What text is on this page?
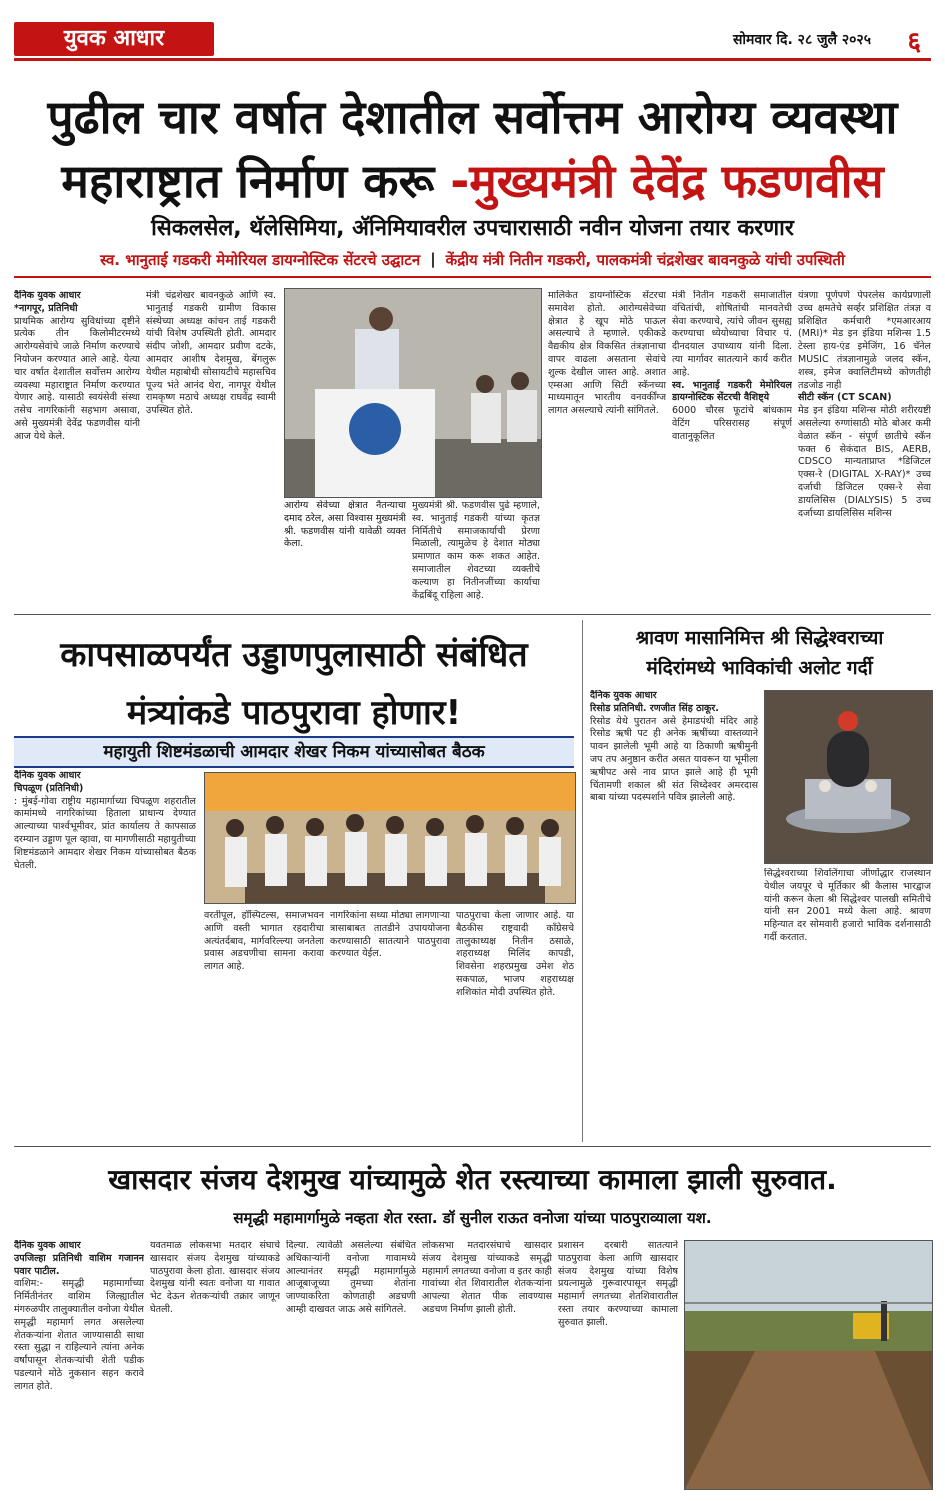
युवक आधार	सोमवार दि. २८ जुलै २०२५ ६
पुढील चार वर्षात देशातील सर्वोत्तम आरोग्य व्यवस्था
महाराष्ट्रात निर्माण करू -मुख्यमंत्री देवेंद्र फडणवीस
सिकलसेल, थॅलेसिमिया, ॲनिमियावरील उपचारासाठी नवीन योजना तयार करणार
स्व. भानुताई गडकरी मेमोरियल डायग्नोस्टिक सेंटरचे उद्घाटन | केंद्रीय मंत्री नितीन गडकरी, पालकमंत्री चंद्रशेखर बावनकुळे यांची उपस्थिती

दैनिक युवक आधार

*नागपूर, प्रतिनिधी

प्राथमिक आरोग्य सुविधांच्या दृष्टीने प्रत्येक तीन किलोमीटरमध्ये आरोग्यसेवांचे जाळे निर्माण करण्याचे नियोजन करण्यात आले आहे. येत्या चार वर्षात देशातील सर्वोत्तम आरोग्य व्यवस्था महाराष्ट्रात निर्माण करण्यात येणार आहे. यासाठी स्वयंसेवी संस्था तसेच नागरिकांनी सहभाग असावा, असे मुख्यमंत्री देवेंद्र फडणवीस यांनी आज येथे केले.

मंत्री चंद्रशेखर बावनकुळे आणि स्व. भानुताई गडकरी ग्रामीण विकास संस्थेच्या अध्यक्ष कांचन ताई गडकरी यांची विशेष उपस्थिती होती. आमदार संदीप जोशी, आमदार प्रवीण दटके, आमदार आशीष देशमुख, बेंगलुरू येथील महाबोधी सोसायटीचे महासचिव पूज्य भंते आनंद थेरा, नागपूर येथील रामकृष्ण मठाचे अध्यक्ष राघवेंद्र स्वामी उपस्थित होते.

आरोग्य सेवेच्या क्षेत्रात नैतन्याचा दमाद ठरेल, असा विश्वास मुख्यमंत्री श्री. फडणवीस यांनी यावेळी व्यक्त केला.

मुख्यमंत्री श्री. फडणवीस पुढे म्हणाले, स्व. भानुताई गडकरी यांच्या कृतज्ञ निर्मितीचे समाजकार्याची प्रेरणा मिळाली, त्यामुळेच हे देशात मोठ्या प्रमाणात काम करू शकत आहेत. समाजातील शेवटच्या व्यक्तीचे कल्याण हा नितीनजींच्या कार्याचा केंद्रबिंदू राहिला आहे.

मालिकेत डायग्नोस्टिक सेंटरचा समावेश होतो. आरोग्यसेवेच्या क्षेत्रात हे खूप मोठे पाऊल असल्याचे ते म्हणाले. एकीकडे वैद्यकीय क्षेत्र विकसित तंत्रज्ञानाचा वापर वाढला असताना सेवांचे शुल्क देखील जास्त आहे. अशात एम्सआ आणि सिटी स्कॅनच्या माध्यमातून भारतीय वनवर्कींग्ज लागत असल्याचे त्यांनी सांगितले.

मंत्री नितीन गडकरी समाजातील वंचितांची, शोषितांची मानवतेची सेवा करण्याचे, त्यांचे जीवन सुसह्य करण्याचा ध्येयोध्याचा विचार पं. दीनदयाल उपाध्याय यांनी दिला. त्या मार्गावर सातत्याने कार्य करीत आहे.

स्व. भानुताई गडकरी मेमोरियल डायग्नोस्टिक सेंटरची वैशिष्ट्ये

6000 चौरस फूटांचे बांधकाम वेटिंग परिसरासह संपूर्ण वातानुकूलित

यंत्रणा पूर्णपणे पेपरलेस कार्यप्रणाली उच्च क्षमतेचे सर्व्हर प्रशिक्षित तंत्रज्ञ व प्रशिक्षित कर्मचारी *एमआरआय (MRI)* मेड इन इंडिया मशिन्स 1.5 टेस्ला हाय-एंड इमेजिंग, 16 चॅनेल MUSIC तंत्रज्ञानामुळे जलद स्कॅन, शस्त्र, इमेज क्वालिटीमध्ये कोणतीही तडजोड नाही

सीटी स्कॅन (CT SCAN)

मेड इन इंडिया मशिन्स मोठी शरीरयष्टी असलेल्या रुग्णांसाठी मोठे बोअर कमी वेळात स्कॅन - संपूर्ण छातीचे स्कॅन फक्त 6 सेकंदात BIS, AERB, CDSCO मान्यताप्राप्त *डिजिटल एक्स-रे (DIGITAL X-RAY)* उच्च दर्जाची डिजिटल एक्स-रे सेवा डायलिसिस (DIALYSIS) 5 उच्च दर्जाच्या डायलिसिस मशिन्स

कापसाळपर्यंत उड्डाणपुलासाठी संबंधित
मंत्र्यांकडे पाठपुरावा होणार!
महायुती शिष्टमंडळाची आमदार शेखर निकम यांच्यासोबत बैठक

दैनिक युवक आधार

चिपळूण (प्रतिनिधी)

: मुंबई-गोवा राष्ट्रीय महामार्गाच्या चिपळूण शहरातील कामांमध्ये नागरिकांच्या हिताला प्राधान्य देण्यात आल्याच्या पार्श्वभूमीवर, प्रांत कार्यालय ते कापसाळ दरम्यान उड्डाण पूल व्हावा, या मागणीसाठी महायुतीच्या शिष्टमंडळाने आमदार शेखर निकम यांच्यासोबत बैठक घेतली.

वरतीपूल, हॉस्पिटल्स, समाजभवन आणि वस्ती भागात रहदारीचा अत्यंतर्दबाव, मार्गवरिल्ल्या जनतेला प्रवास अडचणीचा सामना करावा लागत आहे.

नागरिकांना सध्या मोठ्या लागणाऱ्या त्रासाबाबत तातडीने उपाययोजना करण्यासाठी सातत्याने पाठपुरावा करण्यात येईल.

पाठपुराचा केला जाणार आहे. या बैठकीस राष्ट्रवादी काँग्रेसचे तालुकाध्यक्ष नितीन ठसाळे, शहराध्यक्ष मिलिंद कापडी, शिवसेना शहरप्रमुख उमेश शेठ सकपाळ, भाजप शहराध्यक्ष शशिकांत मोदी उपस्थित होते.

श्रावण मासानिमित्त श्री सिद्धेश्वराच्या
मंदिरांमध्ये भाविकांची अलोट गर्दी

दैनिक युवक आधार

रिसोड प्रतिनिधी. रणजीत सिंह ठाकूर.

रिसोड येथे पुरातन असे हेमाडपंथी मंदिर आहे रिसोड ऋषी पट ही अनेक ऋषींच्या वास्तव्याने पावन झालेली भूमी आहे या ठिकाणी ऋषीमुनी जप तप अनुष्ठान करीत असत यावरून या भूमीला ऋषीपट असे नाव प्राप्त झाले आहे ही भूमी चिंतामणी शकाल श्री संत सिध्देश्वर अमरदास बाबा यांच्या पदस्पर्शाने पवित्र झालेली आहे.

सिद्धेश्वराच्या शिवलिंगाचा जीर्णोद्धार राजस्थान येथील जयपूर चे मूर्तिकार श्री कैलास भारद्वाज यांनी करून केला श्री सिद्धेश्वर पालखी समितीचे यांनी सन 2001 मध्ये केला आहे. श्रावण महिन्यात दर सोमवारी हजारो भाविक दर्शनासाठी गर्दी करतात.

खासदार संजय देशमुख यांच्यामुळे शेत रस्त्याच्या कामाला झाली सुरुवात.
समृद्धी महामार्गामुळे नव्हता शेत रस्ता. डॉ सुनील राऊत वनोजा यांच्या पाठपुराव्याला यश.

दैनिक युवक आधार

उपजिल्हा प्रतिनिधी वाशिम गजानन पवार पाटील.

वाशिम:- समृद्धी महामार्गाच्या निर्मितीनंतर वाशिम जिल्ह्यातील मंगरुळपीर तालुक्यातील वनोजा येथील समृद्धी महामार्ग लगत असलेल्या शेतकऱ्यांना शेतात जाण्यासाठी साधा रस्ता सुद्धा न राहिल्याने त्यांना अनेक वर्षांपासून शेतकऱ्यांची शेती पडीक पडल्याने मोठे नुकसान सहन करावे लागत होते.

यवतमाळ लोकसभा मतदार संघाचे खासदार संजय देशमुख यांच्याकडे पाठपुरावा केला होता. खासदार संजय देशमुख यांनी स्वतः वनोजा या गावात भेट देऊन शेतकऱ्यांची तक्रार जाणून घेतली.

दिल्या. त्यावेळी असलेल्या संबंधित अधिकाऱ्यांनी वनोजा गावामध्ये आल्यानंतर समृद्धी महामार्गामुळे आजूबाजूच्या तुमच्या शेतांना जाण्याकरिता कोणताही अडचणी आम्ही दाखवत जाऊ असे सांगितले.

लोकसभा मतदारसंघाचे खासदार संजय देशमुख यांच्याकडे समृद्धी महामार्ग लगतच्या वनोजा व इतर काही गावांच्या शेत शिवारातील शेतकऱ्यांना आपल्या शेतात पीक लावण्यास अडचण निर्माण झाली होती.

प्रशासन दरबारी सातत्याने पाठपुरावा केला आणि खासदार संजय देशमुख यांच्या विशेष प्रयत्नामुळे गुरूवारपासून समृद्धी महामार्ग लगतच्या शेतशिवारातील रस्ता तयार करण्याच्या कामाला सुरुवात झाली.
